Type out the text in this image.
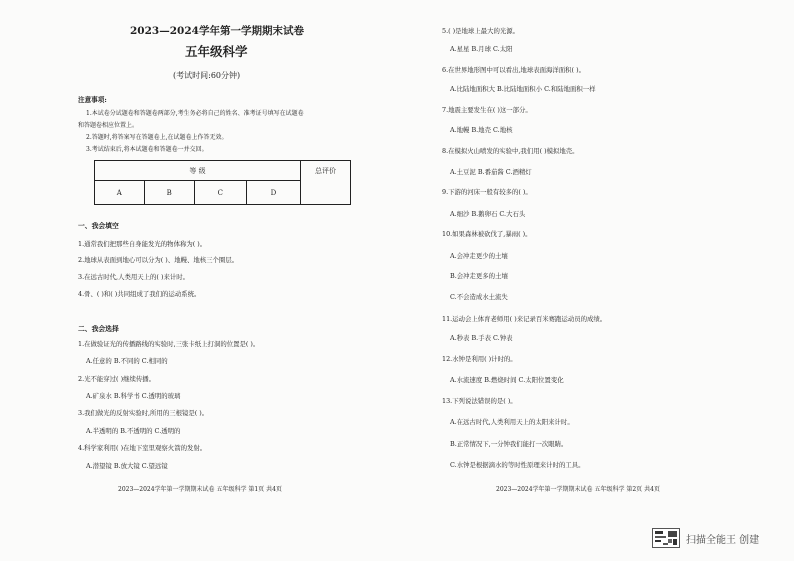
2023—2024学年第一学期期末试卷
五年级科学
(考试时间:60分钟)
注意事项:
1.本试卷分试题卷和答题卷两部分,考生务必将自己的姓名、准考证号填写在试题卷
和答题卷相应位置上。
2.答题时,将答案写在答题卷上,在试题卷上作答无效。
3.考试结束后,将本试题卷和答题卷一并交回。
等 级				总评价
A	B	C	D	
一、我会填空
1.通常我们把那些自身能发光的物体称为( )。
2.地球从表面到地心可以分为( )、地幔、地核三个圈层。
3.在远古时代,人类用天上的( )来计时。
4.骨、( )和( )共同组成了我们的运动系统。
二、我会选择
1.在做验证光的传播路线的实验时,三张卡纸上打洞的位置是( )。
A.任意的 B.不同的 C.相同的
2.光不能穿过( )继续传播。
A.矿泉水 B.科学书 C.透明的玻璃
3.我们做光的反射实验时,所用的三根镜是( )。
A.半透明的 B.不透明的 C.透明的
4.科学家利用( )在地下室里观察火箭的发射。
A.潜望镜 B.放大镜 C.望远镜
2023—2024学年第一学期期末试卷 五年级科学 第1页 共4页
5.( )是地球上最大的光源。
A.星星 B.月球 C.太阳
6.在世界地形图中可以看出,地球表面海洋面积( )。
A.比陆地面积大 B.比陆地面积小 C.和陆地面积一样
7.地震主要发生在( )这一部分。
A.地幔 B.地壳 C.地核
8.在模拟火山喷发的实验中,我们用( )模拟地壳。
A.土豆泥 B.番茄酱 C.酒精灯
9.下游的河床一般有较多的( )。
A.细沙 B.鹅卵石 C.大石头
10.如果森林被砍伐了,暴雨( )。
A.会冲走更少的土壤
B.会冲走更多的土壤
C.不会造成水土流失
11.运动会上体育老师用( )来记录百米赛跑运动员的成绩。
A.秒表 B.手表 C.钟表
12.水钟是利用( )计时的。
A.水流速度 B.燃烧时间 C.太阳位置变化
13.下列说法错误的是( )。
A.在远古时代,人类利用天上的太阳来计时。
B.正常情况下,一分钟我们能打一次眼睛。
C.水钟是根据滴水的等时性原理来计时的工具。
2023—2024学年第一学期期末试卷 五年级科学 第2页 共4页
扫描全能王 创建
